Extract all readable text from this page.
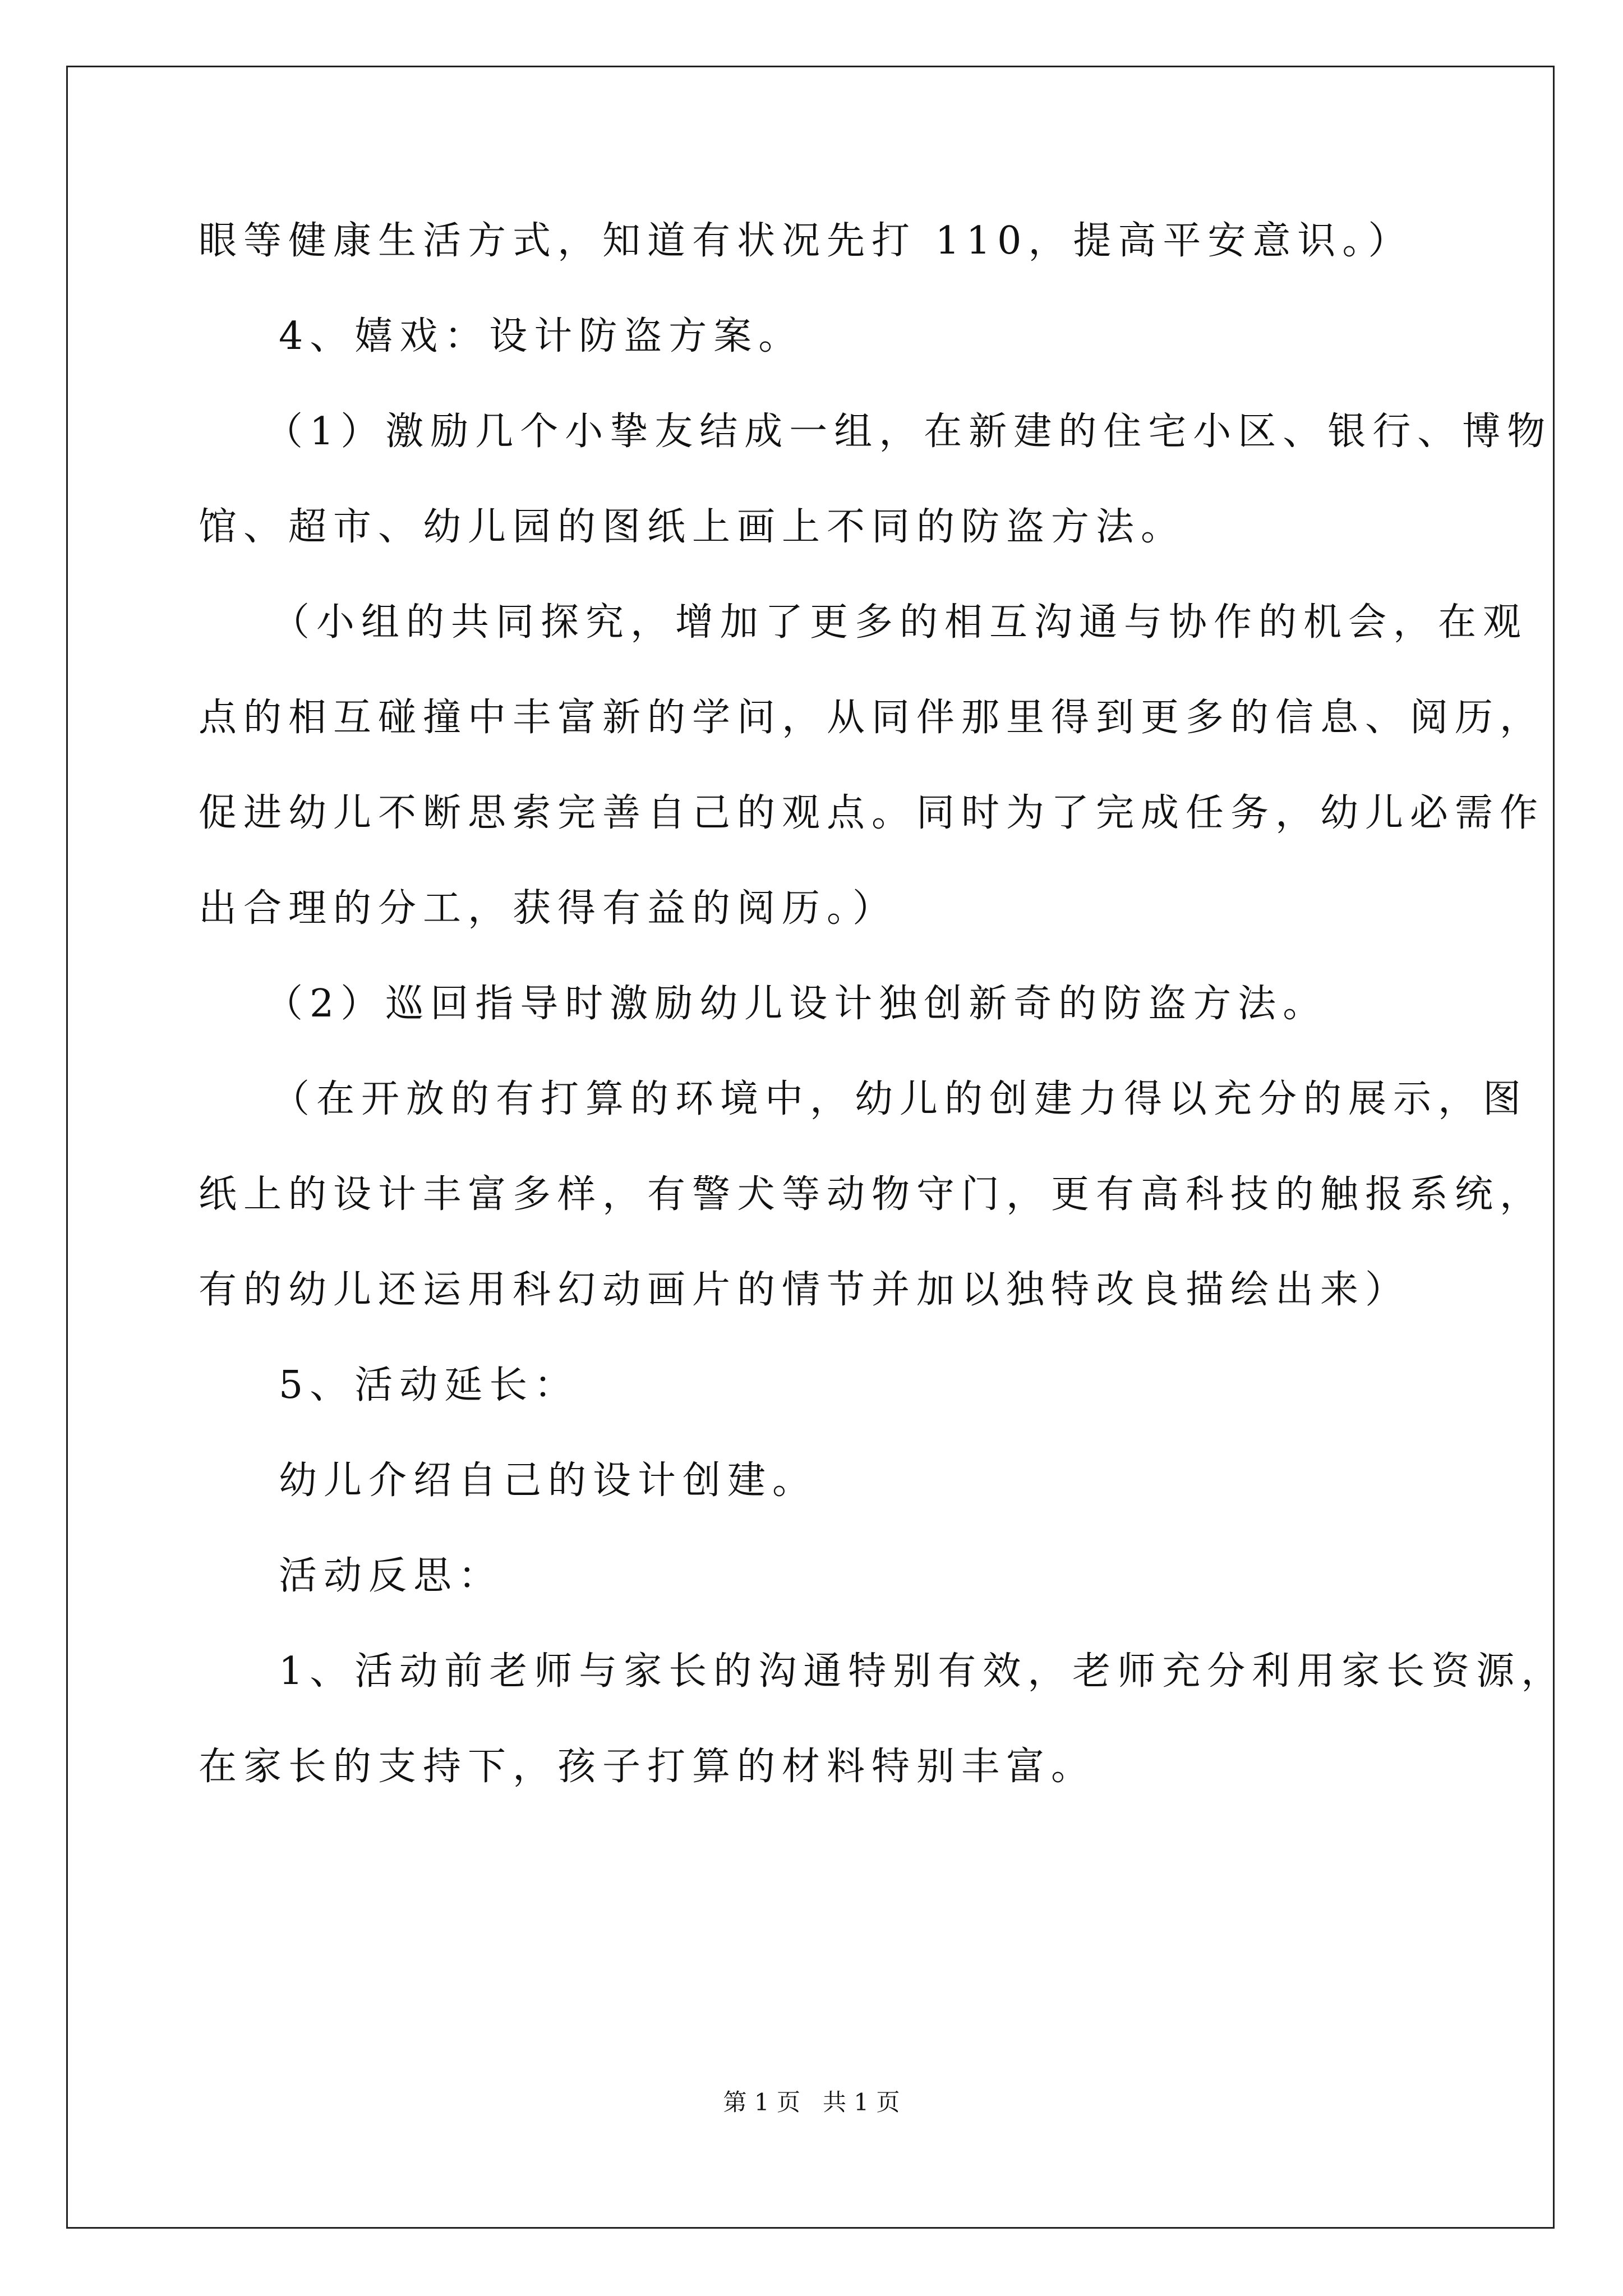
眼等健康生活方式，知道有状况先打 110，提高平安意识。）
4、嬉戏：设计防盗方案。
（1）激励几个小挚友结成一组，在新建的住宅小区、银行、博物
馆、超市、幼儿园的图纸上画上不同的防盗方法。
（小组的共同探究，增加了更多的相互沟通与协作的机会，在观
点的相互碰撞中丰富新的学问，从同伴那里得到更多的信息、阅历，
促进幼儿不断思索完善自己的观点。同时为了完成任务，幼儿必需作
出合理的分工，获得有益的阅历。）
（2）巡回指导时激励幼儿设计独创新奇的防盗方法。
（在开放的有打算的环境中，幼儿的创建力得以充分的展示，图
纸上的设计丰富多样，有警犬等动物守门，更有高科技的触报系统，
有的幼儿还运用科幻动画片的情节并加以独特改良描绘出来）
5、活动延长：
幼儿介绍自己的设计创建。
活动反思：
1、活动前老师与家长的沟通特别有效，老师充分利用家长资源，
在家长的支持下，孩子打算的材料特别丰富。
第 1 页   共 1 页
